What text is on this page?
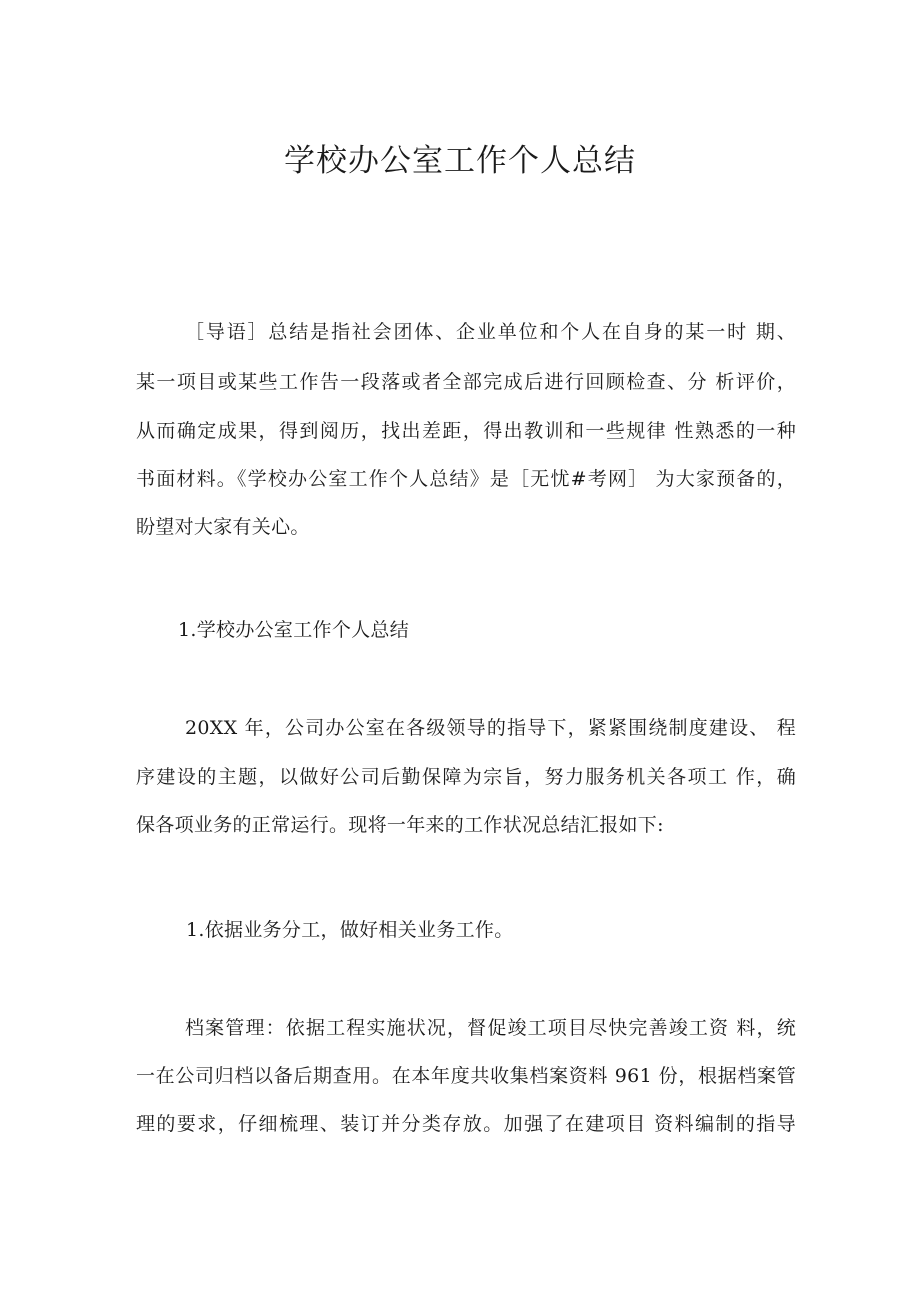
学校办公室工作个人总结

［导语］总结是指社会团体、企业单位和个人在自身的某一时 期、

某一项目或某些工作告一段落或者全部完成后进行回顾检查、分 析评价，

从而确定成果，得到阅历，找出差距，得出教训和一些规律 性熟悉的一种

书面材料。《学校办公室工作个人总结》是［无忧#考网］ 为大家预备的，

盼望对大家有关心。

1.学校办公室工作个人总结

20XX 年，公司办公室在各级领导的指导下，紧紧围绕制度建设、 程

序建设的主题，以做好公司后勤保障为宗旨，努力服务机关各项工 作，确

保各项业务的正常运行。现将一年来的工作状况总结汇报如下:

1.依据业务分工，做好相关业务工作。

档案管理：依据工程实施状况，督促竣工项目尽快完善竣工资 料，统

一在公司归档以备后期查用。在本年度共收集档案资料 961 份，根据档案管

理的要求，仔细梳理、装订并分类存放。加强了在建项目 资料编制的指导
